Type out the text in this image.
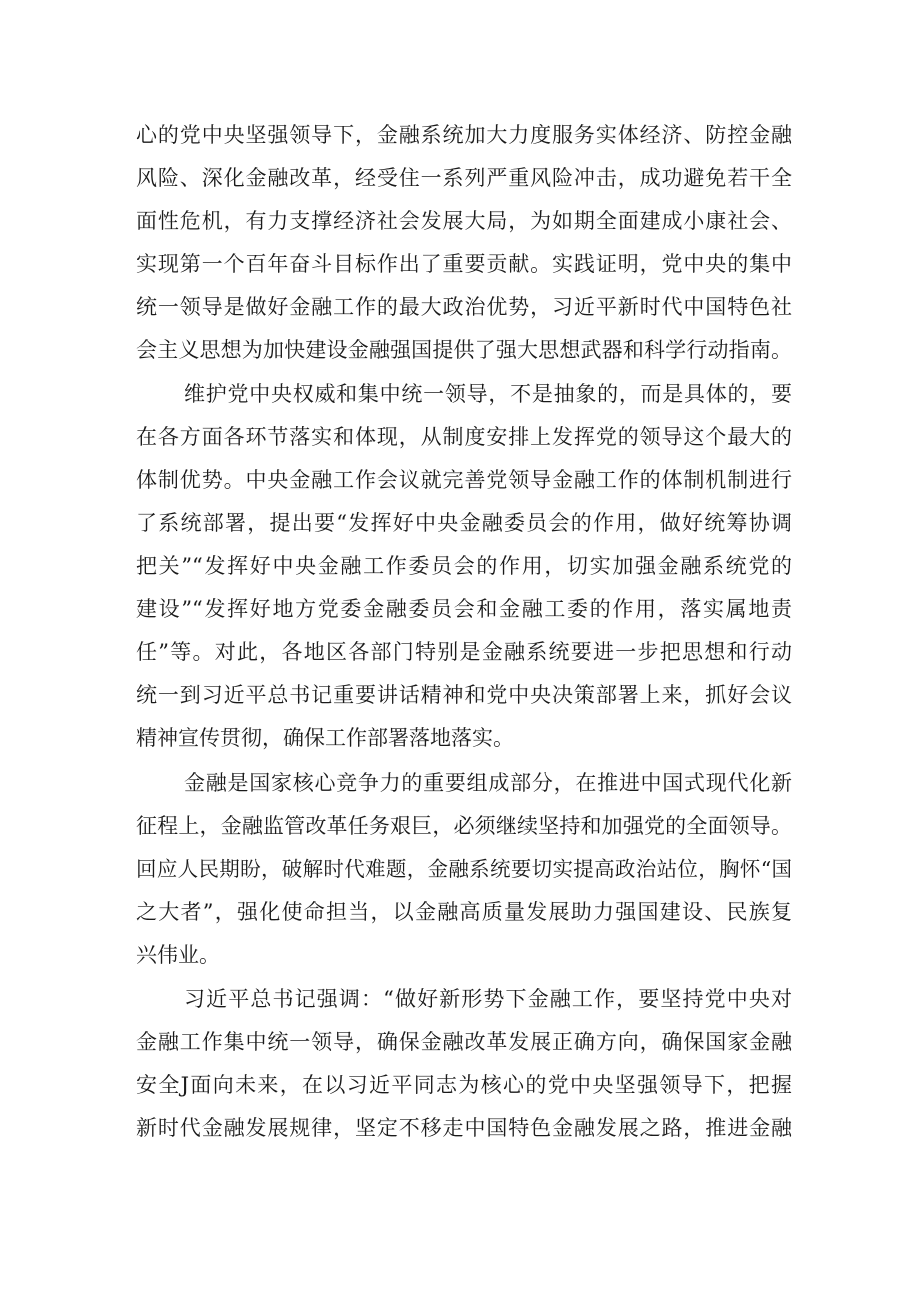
心的党中央坚强领导下，金融系统加大力度服务实体经济、防控金融
风险、深化金融改革，经受住一系列严重风险冲击，成功避免若干全
面性危机，有力支撑经济社会发展大局，为如期全面建成小康社会、
实现第一个百年奋斗目标作出了重要贡献。实践证明，党中央的集中
统一领导是做好金融工作的最大政治优势，习近平新时代中国特色社
会主义思想为加快建设金融强国提供了强大思想武器和科学行动指南。
维护党中央权威和集中统一领导，不是抽象的，而是具体的，要
在各方面各环节落实和体现，从制度安排上发挥党的领导这个最大的
体制优势。中央金融工作会议就完善党领导金融工作的体制机制进行
了系统部署，提出要“发挥好中央金融委员会的作用，做好统筹协调
把关”“发挥好中央金融工作委员会的作用，切实加强金融系统党的
建设”“发挥好地方党委金融委员会和金融工委的作用，落实属地责
任”等。对此，各地区各部门特别是金融系统要进一步把思想和行动
统一到习近平总书记重要讲话精神和党中央决策部署上来，抓好会议
精神宣传贯彻，确保工作部署落地落实。
金融是国家核心竞争力的重要组成部分，在推进中国式现代化新
征程上，金融监管改革任务艰巨，必须继续坚持和加强党的全面领导。
回应人民期盼，破解时代难题，金融系统要切实提高政治站位，胸怀“国
之大者”，强化使命担当，以金融高质量发展助力强国建设、民族复
兴伟业。
习近平总书记强调：“做好新形势下金融工作，要坚持党中央对
金融工作集中统一领导，确保金融改革发展正确方向，确保国家金融
安全J面向未来，在以习近平同志为核心的党中央坚强领导下，把握
新时代金融发展规律，坚定不移走中国特色金融发展之路，推进金融
